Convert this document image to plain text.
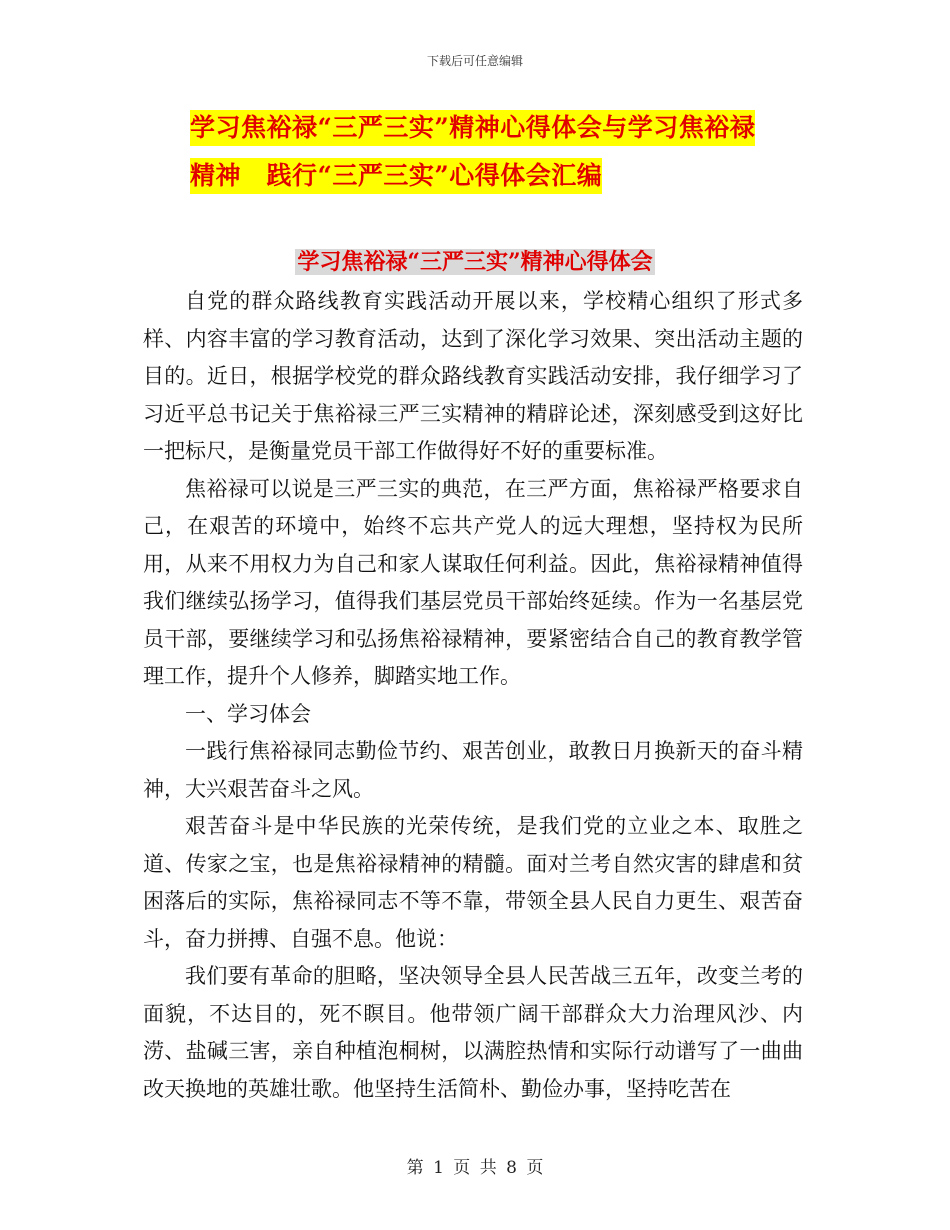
下载后可任意编辑
学习焦裕禄“三严三实”精神心得体会与学习焦裕禄
精神　践行“三严三实”心得体会汇编
学习焦裕禄“三严三实”精神心得体会

自党的群众路线教育实践活动开展以来，学校精心组织了形式多样、内容丰富的学习教育活动，达到了深化学习效果、突出活动主题的目的。近日，根据学校党的群众路线教育实践活动安排，我仔细学习了习近平总书记关于焦裕禄三严三实精神的精辟论述，深刻感受到这好比一把标尺，是衡量党员干部工作做得好不好的重要标准。

焦裕禄可以说是三严三实的典范，在三严方面，焦裕禄严格要求自己，在艰苦的环境中，始终不忘共产党人的远大理想，坚持权为民所用，从来不用权力为自己和家人谋取任何利益。因此，焦裕禄精神值得我们继续弘扬学习，值得我们基层党员干部始终延续。作为一名基层党员干部，要继续学习和弘扬焦裕禄精神，要紧密结合自己的教育教学管理工作，提升个人修养，脚踏实地工作。

一、学习体会

一践行焦裕禄同志勤俭节约、艰苦创业，敢教日月换新天的奋斗精神，大兴艰苦奋斗之风。

艰苦奋斗是中华民族的光荣传统，是我们党的立业之本、取胜之道、传家之宝，也是焦裕禄精神的精髓。面对兰考自然灾害的肆虐和贫困落后的实际，焦裕禄同志不等不靠，带领全县人民自力更生、艰苦奋斗，奋力拼搏、自强不息。他说：

我们要有革命的胆略，坚决领导全县人民苦战三五年，改变兰考的面貌，不达目的，死不瞑目。他带领广阔干部群众大力治理风沙、内涝、盐碱三害，亲自种植泡桐树，以满腔热情和实际行动谱写了一曲曲改天换地的英雄壮歌。他坚持生活简朴、勤俭办事，坚持吃苦在

第 1 页 共 8 页
